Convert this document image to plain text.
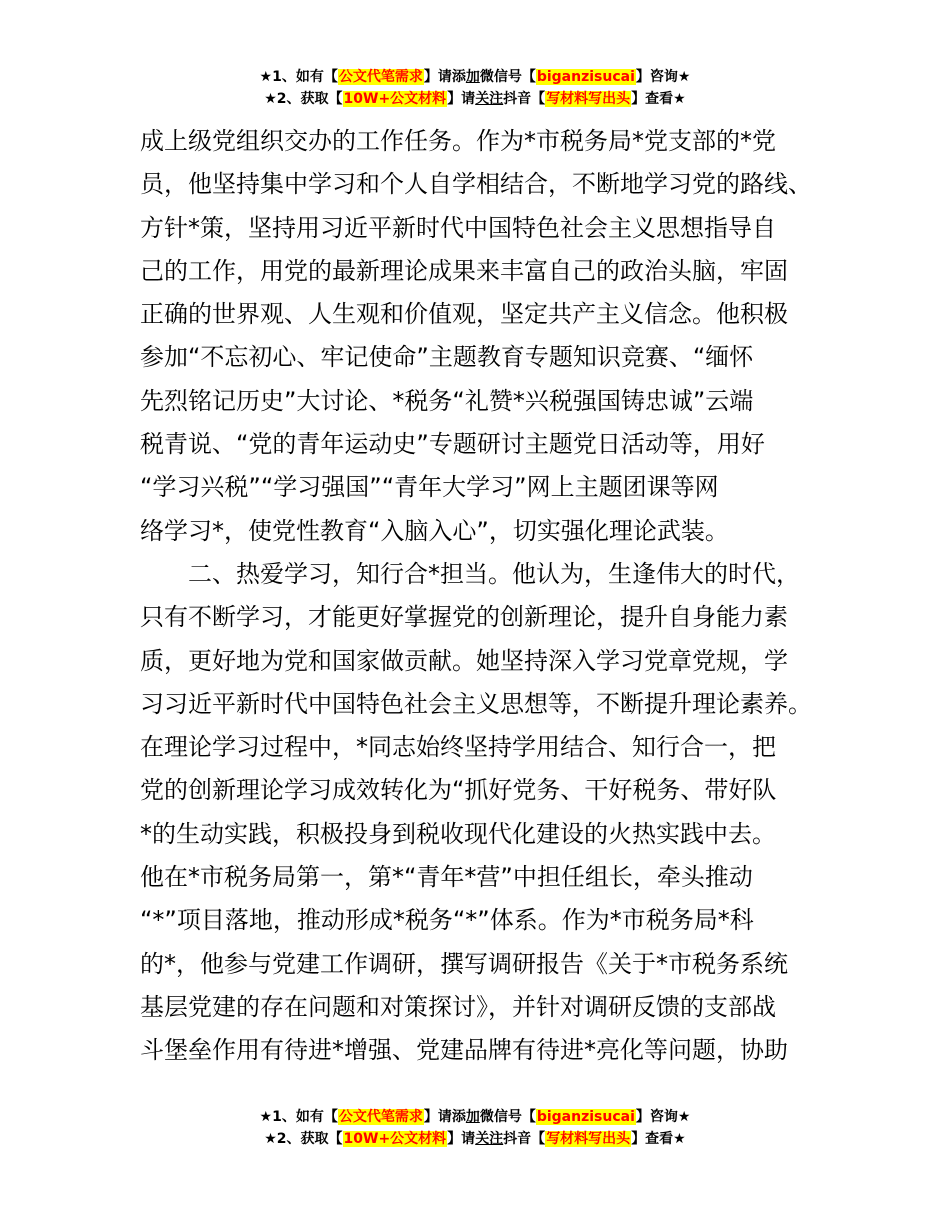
★1、如有【公文代笔需求】请添加微信号【biganzisucai】咨询★
★2、获取【10W+公文材料】请关注抖音【写材料写出头】查看★

成上级党组织交办的工作任务。作为*市税务局*党支部的*党
员，他坚持集中学习和个人自学相结合，不断地学习党的路线、
方针*策，坚持用习近平新时代中国特色社会主义思想指导自
己的工作，用党的最新理论成果来丰富自己的政治头脑，牢固
正确的世界观、人生观和价值观，坚定共产主义信念。他积极
参加“不忘初心、牢记使命”主题教育专题知识竞赛、“缅怀
先烈铭记历史”大讨论、*税务“礼赞*兴税强国铸忠诚”云端
税青说、“党的青年运动史”专题研讨主题党日活动等，用好
“学习兴税”“学习强国”“青年大学习”网上主题团课等网
络学习*，使党性教育“入脑入心”，切实强化理论武装。

二、热爱学习，知行合*担当。他认为，生逢伟大的时代，
只有不断学习，才能更好掌握党的创新理论，提升自身能力素
质，更好地为党和国家做贡献。她坚持深入学习党章党规，学
习习近平新时代中国特色社会主义思想等，不断提升理论素养。
在理论学习过程中，*同志始终坚持学用结合、知行合一，把
党的创新理论学习成效转化为“抓好党务、干好税务、带好队
*的生动实践，积极投身到税收现代化建设的火热实践中去。
他在*市税务局第一，第*“青年*营”中担任组长，牵头推动
“*”项目落地，推动形成*税务“*”体系。作为*市税务局*科
的*，他参与党建工作调研，撰写调研报告《关于*市税务系统
基层党建的存在问题和对策探讨》，并针对调研反馈的支部战
斗堡垒作用有待进*增强、党建品牌有待进*亮化等问题，协助

★1、如有【公文代笔需求】请添加微信号【biganzisucai】咨询★
★2、获取【10W+公文材料】请关注抖音【写材料写出头】查看★
